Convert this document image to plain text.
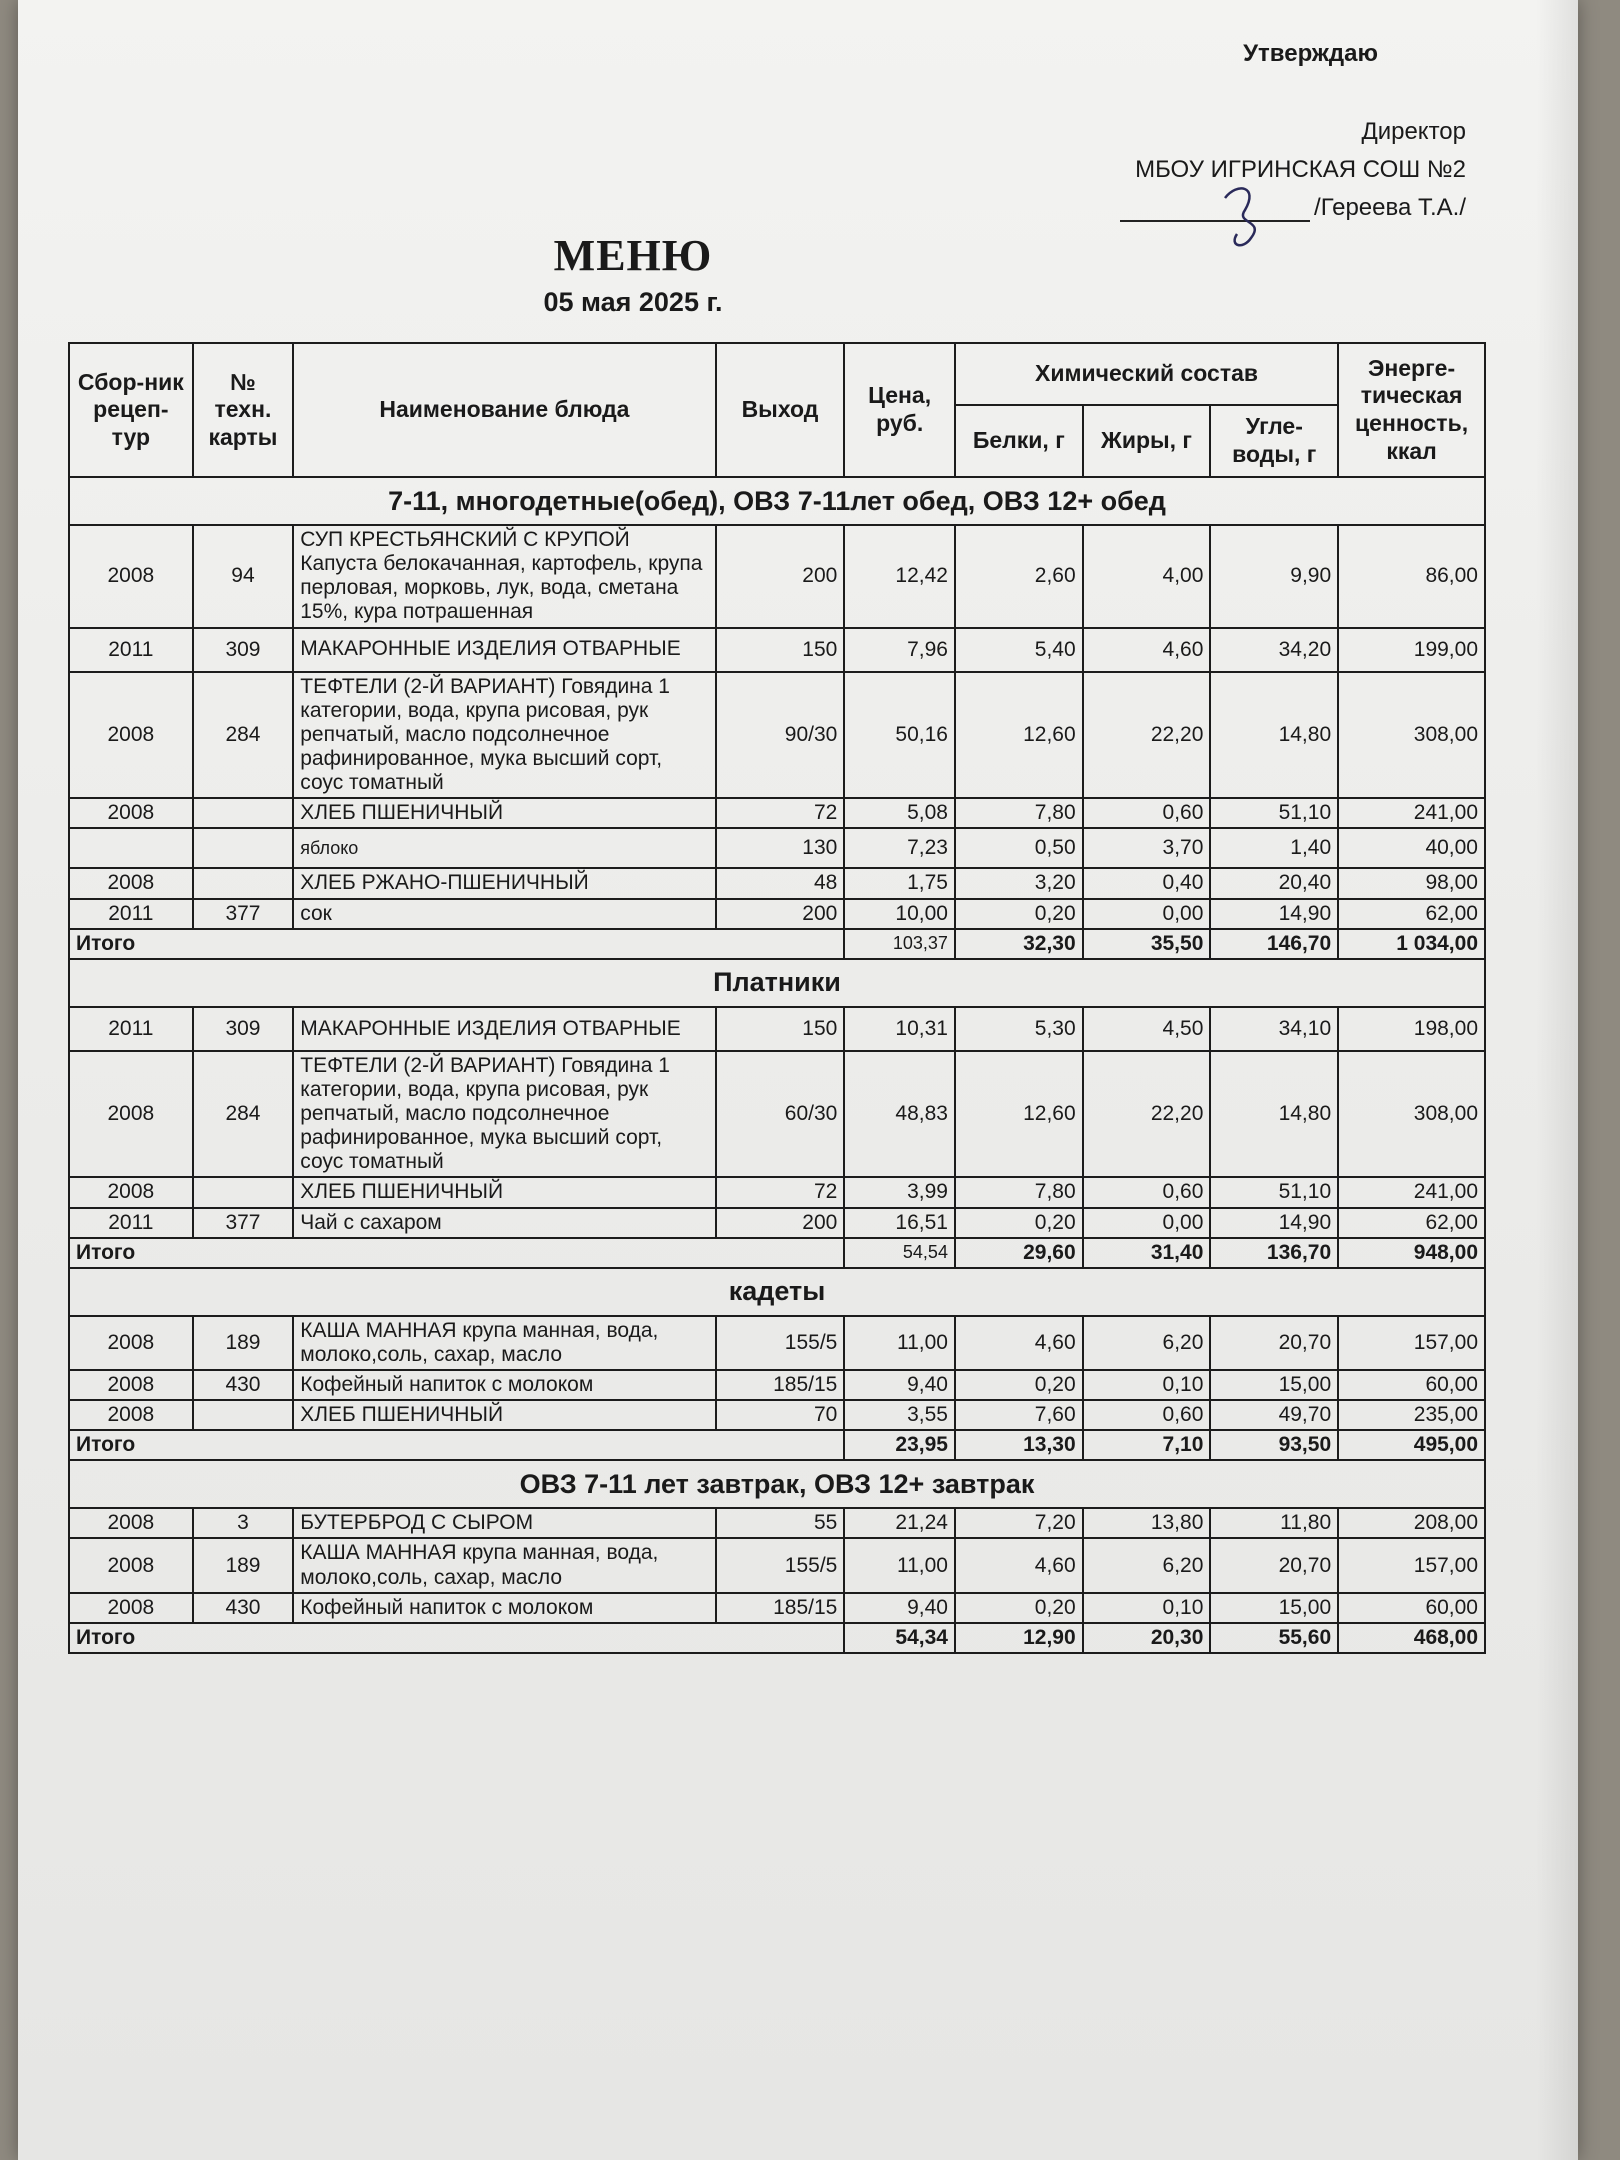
Утверждаю
Директор
МБОУ ИГРИНСКАЯ СОШ №2
/Гереева Т.А./
МЕНЮ
05 мая 2025 г.
Сбор-ник рецеп-тур	№ техн. карты	Наименование блюда	Выход	Цена, руб.	Химический состав			Энерге-тическая ценность, ккал
					Белки, г	Жиры, г	Угле-воды, г	
7-11, многодетные(обед), ОВЗ 7-11лет обед, ОВЗ 12+ обед								
2008	94	СУП КРЕСТЬЯНСКИЙ С КРУПОЙ Капуста белокачанная, картофель, крупа перловая, морковь, лук, вода, сметана 15%, кура потрашенная	200	12,42	2,60	4,00	9,90	86,00
2011	309	МАКАРОННЫЕ ИЗДЕЛИЯ ОТВАРНЫЕ	150	7,96	5,40	4,60	34,20	199,00
2008	284	ТЕФТЕЛИ (2-Й ВАРИАНТ) Говядина 1 категории, вода, крупа рисовая, рук репчатый, масло подсолнечное рафинированное, мука высший сорт, соус томатный	90/30	50,16	12,60	22,20	14,80	308,00
2008		ХЛЕБ ПШЕНИЧНЫЙ	72	5,08	7,80	0,60	51,10	241,00
		яблоко	130	7,23	0,50	3,70	1,40	40,00
2008		ХЛЕБ РЖАНО-ПШЕНИЧНЫЙ	48	1,75	3,20	0,40	20,40	98,00
2011	377	сок	200	10,00	0,20	0,00	14,90	62,00
Итого				103,37	32,30	35,50	146,70	1 034,00
Платники								
2011	309	МАКАРОННЫЕ ИЗДЕЛИЯ ОТВАРНЫЕ	150	10,31	5,30	4,50	34,10	198,00
2008	284	ТЕФТЕЛИ (2-Й ВАРИАНТ) Говядина 1 категории, вода, крупа рисовая, рук репчатый, масло подсолнечное рафинированное, мука высший сорт, соус томатный	60/30	48,83	12,60	22,20	14,80	308,00
2008		ХЛЕБ ПШЕНИЧНЫЙ	72	3,99	7,80	0,60	51,10	241,00
2011	377	Чай с сахаром	200	16,51	0,20	0,00	14,90	62,00
Итого				54,54	29,60	31,40	136,70	948,00
кадеты								
2008	189	КАША МАННАЯ крупа манная, вода, молоко,соль, сахар, масло	155/5	11,00	4,60	6,20	20,70	157,00
2008	430	Кофейный напиток с молоком	185/15	9,40	0,20	0,10	15,00	60,00
2008		ХЛЕБ ПШЕНИЧНЫЙ	70	3,55	7,60	0,60	49,70	235,00
Итого				23,95	13,30	7,10	93,50	495,00
ОВЗ 7-11 лет завтрак, ОВЗ 12+ завтрак								
2008	3	БУТЕРБРОД С СЫРОМ	55	21,24	7,20	13,80	11,80	208,00
2008	189	КАША МАННАЯ крупа манная, вода, молоко,соль, сахар, масло	155/5	11,00	4,60	6,20	20,70	157,00
2008	430	Кофейный напиток с молоком	185/15	9,40	0,20	0,10	15,00	60,00
Итого				54,34	12,90	20,30	55,60	468,00
